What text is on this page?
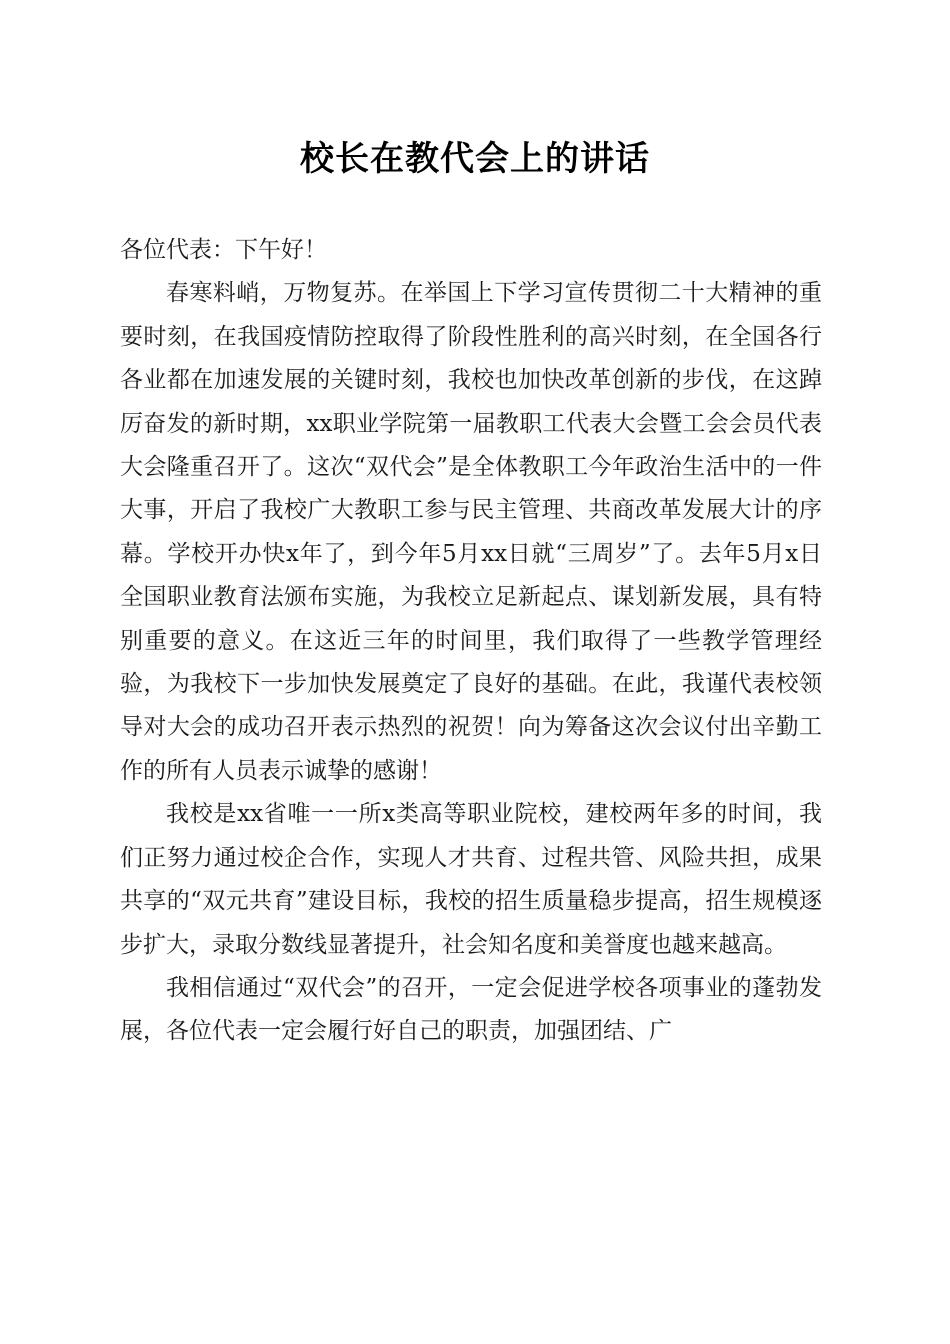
校长在教代会上的讲话

各位代表：下午好！

春寒料峭，万物复苏。在举国上下学习宣传贯彻二十大精神的重要时刻，在我国疫情防控取得了阶段性胜利的高兴时刻，在全国各行各业都在加速发展的关键时刻，我校也加快改革创新的步伐，在这踔厉奋发的新时期，xx职业学院第一届教职工代表大会暨工会会员代表大会隆重召开了。这次“双代会”是全体教职工今年政治生活中的一件大事，开启了我校广大教职工参与民主管理、共商改革发展大计的序幕。学校开办快x年了，到今年5月xx日就“三周岁”了。去年5月x日全国职业教育法颁布实施，为我校立足新起点、谋划新发展，具有特别重要的意义。在这近三年的时间里，我们取得了一些教学管理经验，为我校下一步加快发展奠定了良好的基础。在此，我谨代表校领导对大会的成功召开表示热烈的祝贺！向为筹备这次会议付出辛勤工作的所有人员表示诚挚的感谢！

我校是xx省唯一一所x类高等职业院校，建校两年多的时间，我们正努力通过校企合作，实现人才共育、过程共管、风险共担，成果共享的“双元共育”建设目标，我校的招生质量稳步提高，招生规模逐步扩大，录取分数线显著提升，社会知名度和美誉度也越来越高。

我相信通过“双代会”的召开，一定会促进学校各项事业的蓬勃发展，各位代表一定会履行好自己的职责，加强团结、广
